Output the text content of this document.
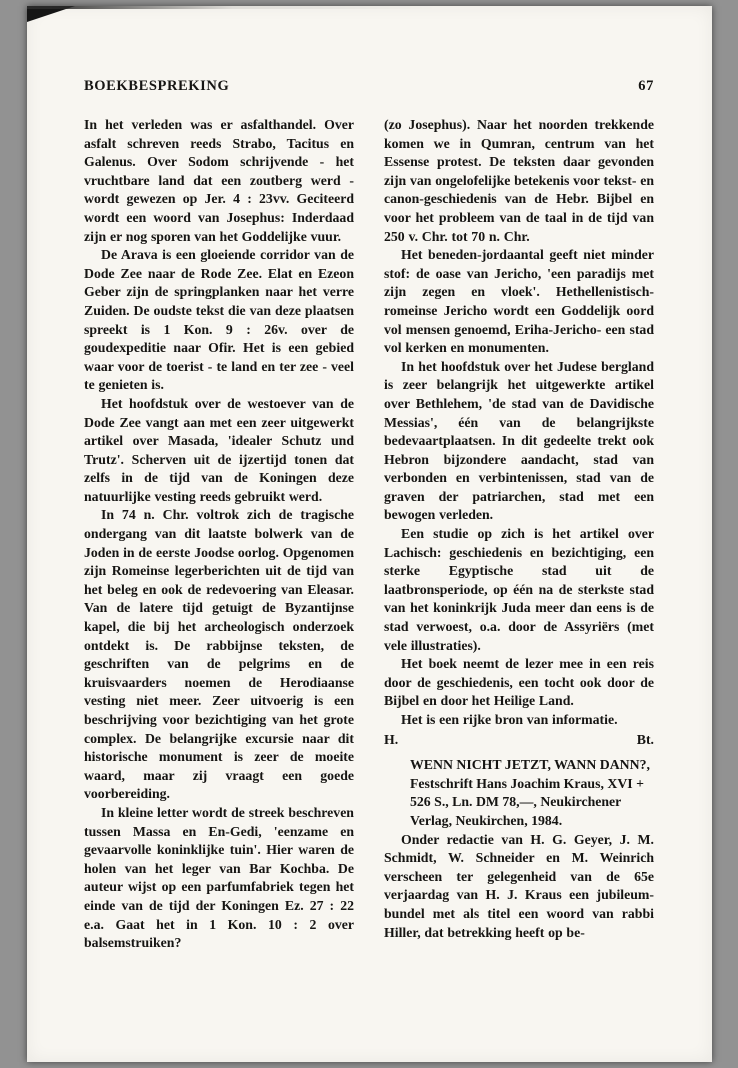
BOEKBESPREKING	67

In het verleden was er asfalthandel. Over asfalt schreven reeds Strabo, Tacitus en Galenus. Over Sodom schrijvende - het vruchtbare land dat een zoutberg werd - wordt gewezen op Jer. 4 : 23vv. Geciteerd wordt een woord van Josephus: Inderdaad zijn er nog sporen van het Goddelijke vuur.

De Arava is een gloeiende corridor van de Dode Zee naar de Rode Zee. Elat en Ezeon Geber zijn de springplanken naar het verre Zuiden. De oudste tekst die van deze plaatsen spreekt is 1 Kon. 9 : 26v. over de goudexpeditie naar Ofir. Het is een gebied waar voor de toerist - te land en ter zee - veel te genieten is.

Het hoofdstuk over de westoever van de Dode Zee vangt aan met een zeer uitgewerkt artikel over Masada, 'idealer Schutz und Trutz'. Scherven uit de ijzertijd tonen dat zelfs in de tijd van de Koningen deze natuurlijke vesting reeds gebruikt werd.

In 74 n. Chr. voltrok zich de tragische ondergang van dit laatste bolwerk van de Joden in de eerste Joodse oorlog. Opgenomen zijn Romeinse legerberichten uit de tijd van het beleg en ook de redevoering van Eleasar. Van de latere tijd getuigt de Byzantijnse kapel, die bij het archeologisch onderzoek ontdekt is. De rabbijnse teksten, de geschriften van de pelgrims en de kruisvaarders noemen de Herodiaanse vesting niet meer. Zeer uitvoerig is een beschrijving voor bezichtiging van het grote complex. De belangrijke excursie naar dit historische monument is zeer de moeite waard, maar zij vraagt een goede voorbereiding.

In kleine letter wordt de streek beschreven tussen Massa en En-Gedi, 'eenzame en gevaarvolle koninklijke tuin'. Hier waren de holen van het leger van Bar Kochba. De auteur wijst op een parfumfabriek tegen het einde van de tijd der Koningen Ez. 27 : 22 e.a. Gaat het in 1 Kon. 10 : 2 over balsemstruiken?

(zo Josephus). Naar het noorden trekkende komen we in Qumran, centrum van het Essense protest. De teksten daar gevonden zijn van ongelofelijke betekenis voor tekst- en canon-geschiedenis van de Hebr. Bijbel en voor het probleem van de taal in de tijd van 250 v. Chr. tot 70 n. Chr.

Het beneden-jordaantal geeft niet minder stof: de oase van Jericho, 'een paradijs met zijn zegen en vloek'. Hethellenistisch-romeinse Jericho wordt een Goddelijk oord vol mensen genoemd, Eriha-Jericho- een stad vol kerken en monumenten.

In het hoofdstuk over het Judese bergland is zeer belangrijk het uitgewerkte artikel over Bethlehem, 'de stad van de Davidische Messias', één van de belangrijkste bedevaartplaatsen. In dit gedeelte trekt ook Hebron bijzondere aandacht, stad van verbonden en verbintenissen, stad van de graven der patriarchen, stad met een bewogen verleden.

Een studie op zich is het artikel over Lachisch: geschiedenis en bezichtiging, een sterke Egyptische stad uit de laatbronsperiode, op één na de sterkste stad van het koninkrijk Juda meer dan eens is de stad verwoest, o.a. door de Assyriërs (met vele illustraties).

Het boek neemt de lezer mee in een reis door de geschiedenis, een tocht ook door de Bijbel en door het Heilige Land.

Het is een rijke bron van informatie.

H.	Bt.

WENN NICHT JETZT, WANN DANN?, Festschrift Hans Joachim Kraus, XVI + 526 S., Ln. DM 78,—, Neukirchener Verlag, Neukirchen, 1984.

Onder redactie van H. G. Geyer, J. M. Schmidt, W. Schneider en M. Weinrich verscheen ter gelegenheid van de 65e verjaardag van H. J. Kraus een jubileum-bundel met als titel een woord van rabbi Hiller, dat betrekking heeft op be-
